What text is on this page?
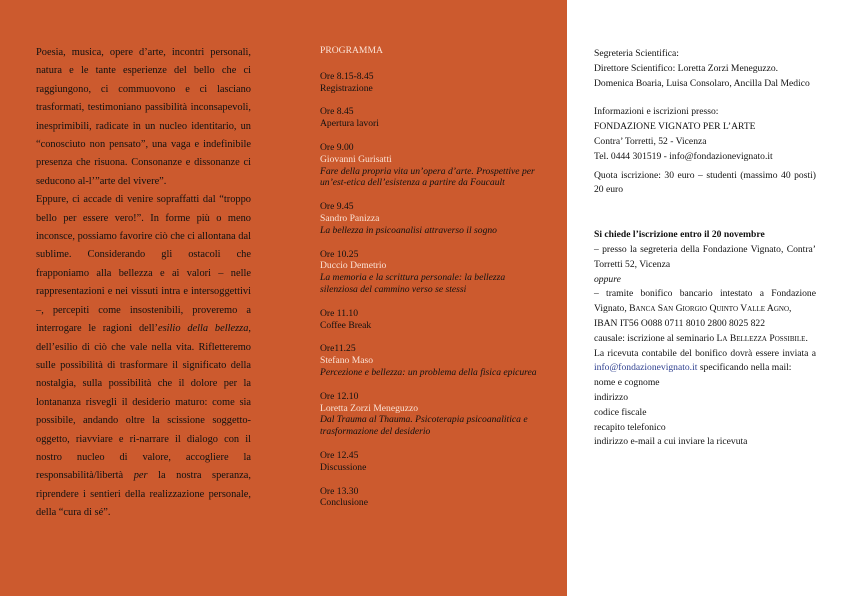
Poesia, musica, opere d’arte, incontri personali, natura e le tante esperienze del bello che ci raggiungono, ci commuovono e ci lasciano trasformati, testimoniano passibilità inconsapevoli, inesprimibili, radicate in un nucleo identitario, un “conosciuto non pensato”, una vaga e indefinibile presenza che risuona. Consonanze e dissonanze ci seducono al-l’”arte del vivere”.

Eppure, ci accade di venire sopraffatti dal “troppo bello per essere vero!”. In forme più o meno inconsce, possiamo favorire ciò che ci allontana dal sublime. Considerando gli ostacoli che frapponiamo alla bellezza e ai valori – nelle rappresentazioni e nei vissuti intra e intersoggettivi –, percepiti come insostenibili, proveremo a interrogare le ragioni dell’esilio della bellezza, dell’esilio di ciò che vale nella vita. Rifletteremo sulle possibilità di trasformare il significato della nostalgia, sulla possibilità che il dolore per la lontananza risvegli il desiderio maturo: come sia possibile, andando oltre la scissione soggetto-oggetto, riavviare e ri-narrare il dialogo con il nostro nucleo di valore, accogliere la responsabilità/libertà per la nostra speranza, riprendere i sentieri della realizzazione personale, della “cura di sé”.

PROGRAMMA
Ore 8.15-8.45
Registrazione
Ore 8.45
Apertura lavori
Ore 9.00
Giovanni Gurisatti
Fare della propria vita un’opera d’arte. Prospettive per un’est-etica dell’esistenza a partire da Foucault
Ore 9.45
Sandro Panizza
La bellezza in psicoanalisi attraverso il sogno
Ore 10.25
Duccio Demetrio
La memoria e la scrittura personale: la bellezza silenziosa del cammino verso se stessi
Ore 11.10
Coffee Break
Ore11.25
Stefano Maso
Percezione e bellezza: un problema della fisica epicurea
Ore 12.10
Loretta Zorzi Meneguzzo
Dal Trauma al Thauma. Psicoterapia psicoanalitica e trasformazione del desiderio
Ore 12.45
Discussione
Ore 13.30
Conclusione

Segreteria Scientifica:

Direttore Scientifico: Loretta Zorzi Meneguzzo.

Domenica Boaria, Luisa Consolaro, Ancilla Dal Medico

Informazioni e iscrizioni presso:

FONDAZIONE VIGNATO PER L’ARTE

Contra’ Torretti, 52 - Vicenza

Tel. 0444 301519 - info@fondazionevignato.it

Quota iscrizione: 30 euro – studenti (massimo 40 posti) 20 euro

Si chiede l’iscrizione entro il 20 novembre

– presso la segreteria della Fondazione Vignato, Contra’ Torretti 52, Vicenza

oppure

– tramite bonifico bancario intestato a Fondazione Vignato, Banca San Giorgio Quinto Valle Agno,

IBAN IT56 O088 0711 8010 2800 8025 822

causale: iscrizione al seminario La Bellezza Possibile.

La ricevuta contabile del bonifico dovrà essere inviata a info@fondazionevignato.it specificando nella mail:

nome e cognome

indirizzo

codice fiscale

recapito telefonico

indirizzo e-mail a cui inviare la ricevuta
